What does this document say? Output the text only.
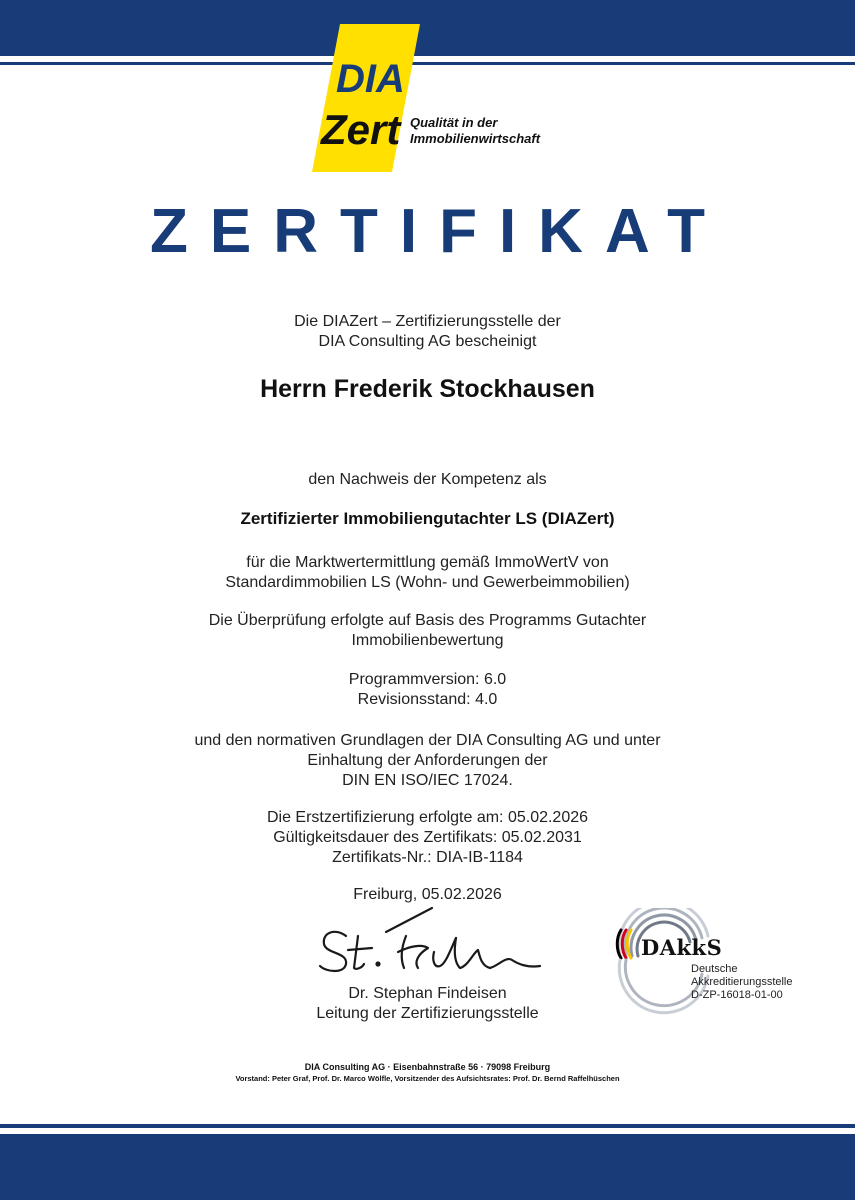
DIA
Zert Qualität in der
Immobilienwirtschaft
ZERTIFIKAT
Die DIAZert – Zertifizierungsstelle der
DIA Consulting AG bescheinigt
Herrn Frederik Stockhausen
den Nachweis der Kompetenz als
Zertifizierter Immobiliengutachter LS (DIAZert)
für die Marktwertermittlung gemäß ImmoWertV von
Standardimmobilien LS (Wohn- und Gewerbeimmobilien)
Die Überprüfung erfolgte auf Basis des Programms Gutachter
Immobilienbewertung
Programmversion: 6.0
Revisionsstand: 4.0
und den normativen Grundlagen der DIA Consulting AG und unter
Einhaltung der Anforderungen der
DIN EN ISO/IEC 17024.
Die Erstzertifizierung erfolgte am: 05.02.2026
Gültigkeitsdauer des Zertifikats: 05.02.2031
Zertifikats-Nr.: DIA-IB-1184
Freiburg, 05.02.2026
Dr. Stephan Findeisen
Leitung der Zertifizierungsstelle
DAkkS
Deutsche
Akkreditierungsstelle
D-ZP-16018-01-00
DIA Consulting AG · Eisenbahnstraße 56 · 79098 Freiburg
Vorstand: Peter Graf, Prof. Dr. Marco Wölfle, Vorsitzender des Aufsichtsrates: Prof. Dr. Bernd Raffelhüschen
